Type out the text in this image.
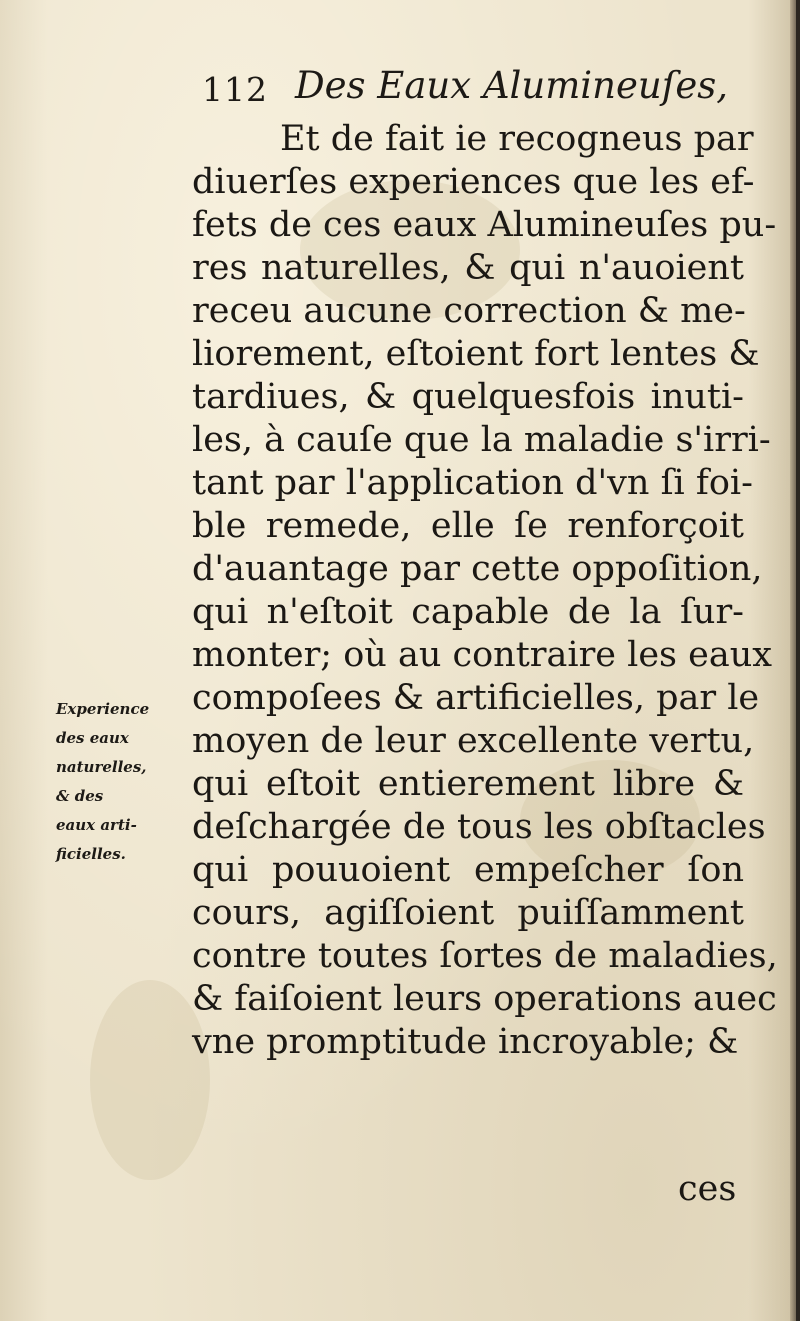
112 Des Eaux Alumineuſes,
Et de fait ie recogneus par
diuerſes experiences que les ef-
fets de ces eaux Alumineuſes pu-
res naturelles, & qui n'auoient
receu aucune correction & me-
liorement, eſtoient fort lentes &
tardiues, & quelquesfois inuti-
les, à cauſe que la maladie s'irri-
tant par l'application d'vn ſi foi-
ble remede, elle ſe renforçoit
d'auantage par cette oppoſition,
qui n'eſtoit capable de la ſur-
monter; où au contraire les eaux
compoſees & artificielles, par le
moyen de leur excellente vertu,
qui eſtoit entierement libre &
deſchargée de tous les obſtacles
qui pouuoient empeſcher ſon
cours, agiſſoient puiſſamment
contre toutes ſortes de maladies,
& faiſoient leurs operations auec
vne promptitude incroyable; &
ces
Experience
des eaux
naturelles,
& des
eaux arti-
ficielles.
